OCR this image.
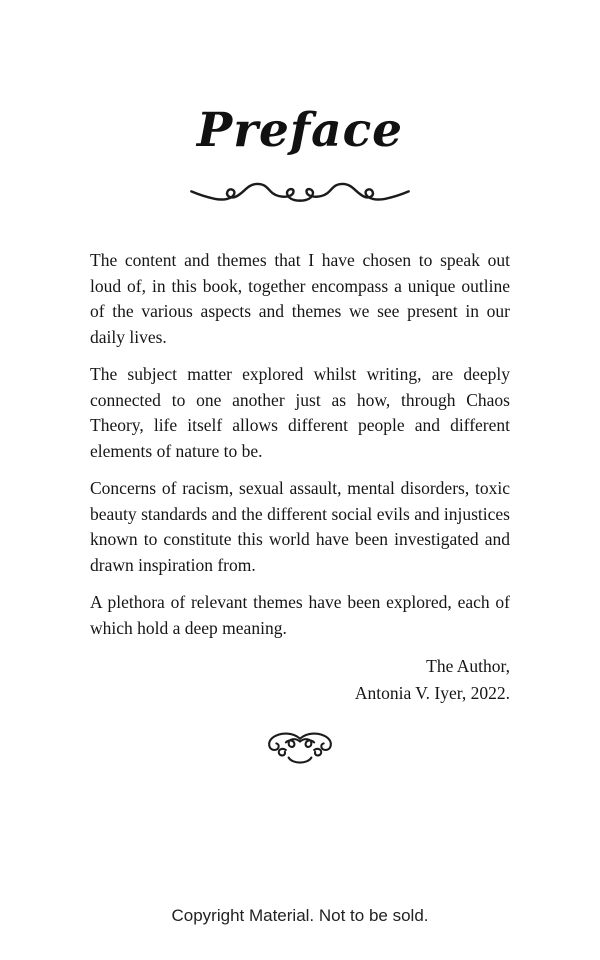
Preface

The content and themes that I have chosen to speak out loud of, in this book, together encompass a unique outline of the various aspects and themes we see present in our daily lives.

The subject matter explored whilst writing, are deeply connected to one another just as how, through Chaos Theory, life itself allows different people and different elements of nature to be.

Concerns of racism, sexual assault, mental disorders, toxic beauty standards and the different social evils and injustices known to constitute this world have been investigated and drawn inspiration from.

A plethora of relevant themes have been explored, each of which hold a deep meaning.

The Author,
Antonia V. Iyer, 2022.
Copyright Material. Not to be sold.
